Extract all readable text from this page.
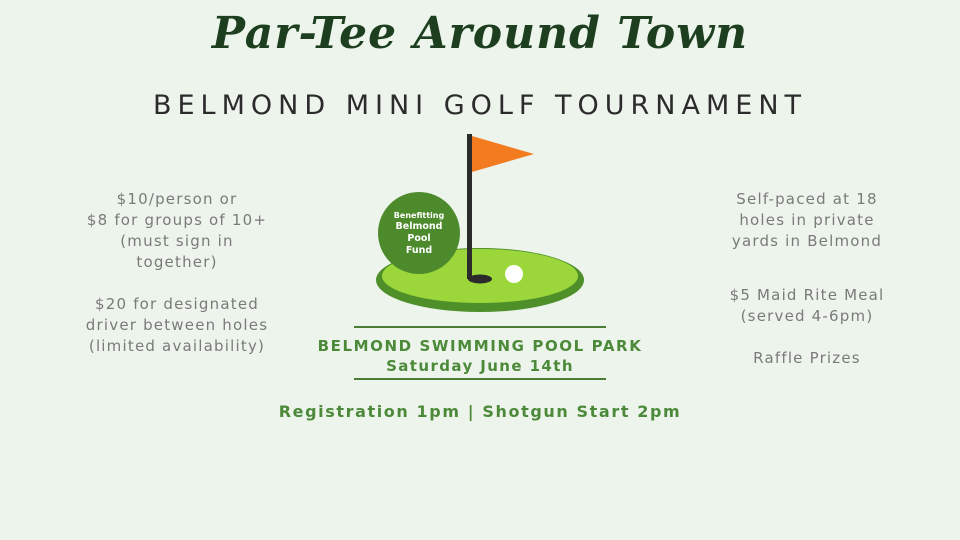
Par-Tee Around Town
BELMOND MINI GOLF TOURNAMENT

$10/person or
$8 for groups of 10+
(must sign in
together)

$20 for designated
driver between holes
(limited availability)

Self-paced at 18
holes in private
yards in Belmond

$5 Maid Rite Meal
(served 4-6pm)

Raffle Prizes

Benefitting
Belmond
Pool
Fund
BELMOND SWIMMING POOL PARK
Saturday June 14th
Registration 1pm | Shotgun Start 2pm
